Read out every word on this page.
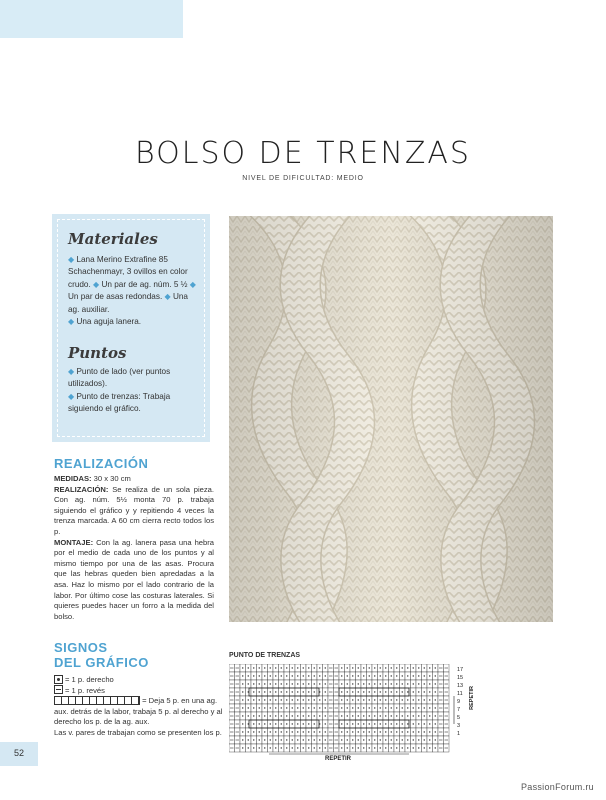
BOLSO DE TRENZAS
NIVEL DE DIFICULTAD: MEDIO
Materiales
◆ Lana Merino Extrafine 85 Schachenmayr, 3 ovillos en color crudo. ◆ Un par de ag. núm. 5 ½ ◆ Un par de asas redondas. ◆ Una ag. auxiliar.
◆ Una aguja lanera.
Puntos
◆ Punto de lado (ver puntos utilizados).
◆ Punto de trenzas: Trabaja siguiendo el gráfico.
REALIZACIÓN
MEDIDAS: 30 x 30 cm
REALIZACIÓN: Se realiza de un sola pieza. Con ag. núm. 5½ monta 70 p. trabaja siguiendo el gráfico y y repitiendo 4 veces la trenza marcada. A 60 cm cierra recto todos los p.
MONTAJE: Con la ag. lanera pasa una hebra por el medio de cada uno de los puntos y al mismo tiempo por una de las asas. Procura que las hebras queden bien apredadas a la asa. Haz lo mismo por el lado contrario de la labor. Por último cose las costuras laterales. Si quieres puedes hacer un forro a la medida del bolso.
SIGNOS
DEL GRÁFICO
= 1 p. derecho
= 1 p. revés
= Deja 5 p. en una ag. aux. detrás de la labor, trabaja 5 p. al derecho y al derecho los p. de la ag. aux.
Las v. pares de trabajan como se presenten los p.
PUNTO DE TRENZAS
17
15
13
11
9
7
5
3
1
REPETIR
REPETIR
52
PassionForum.ru
